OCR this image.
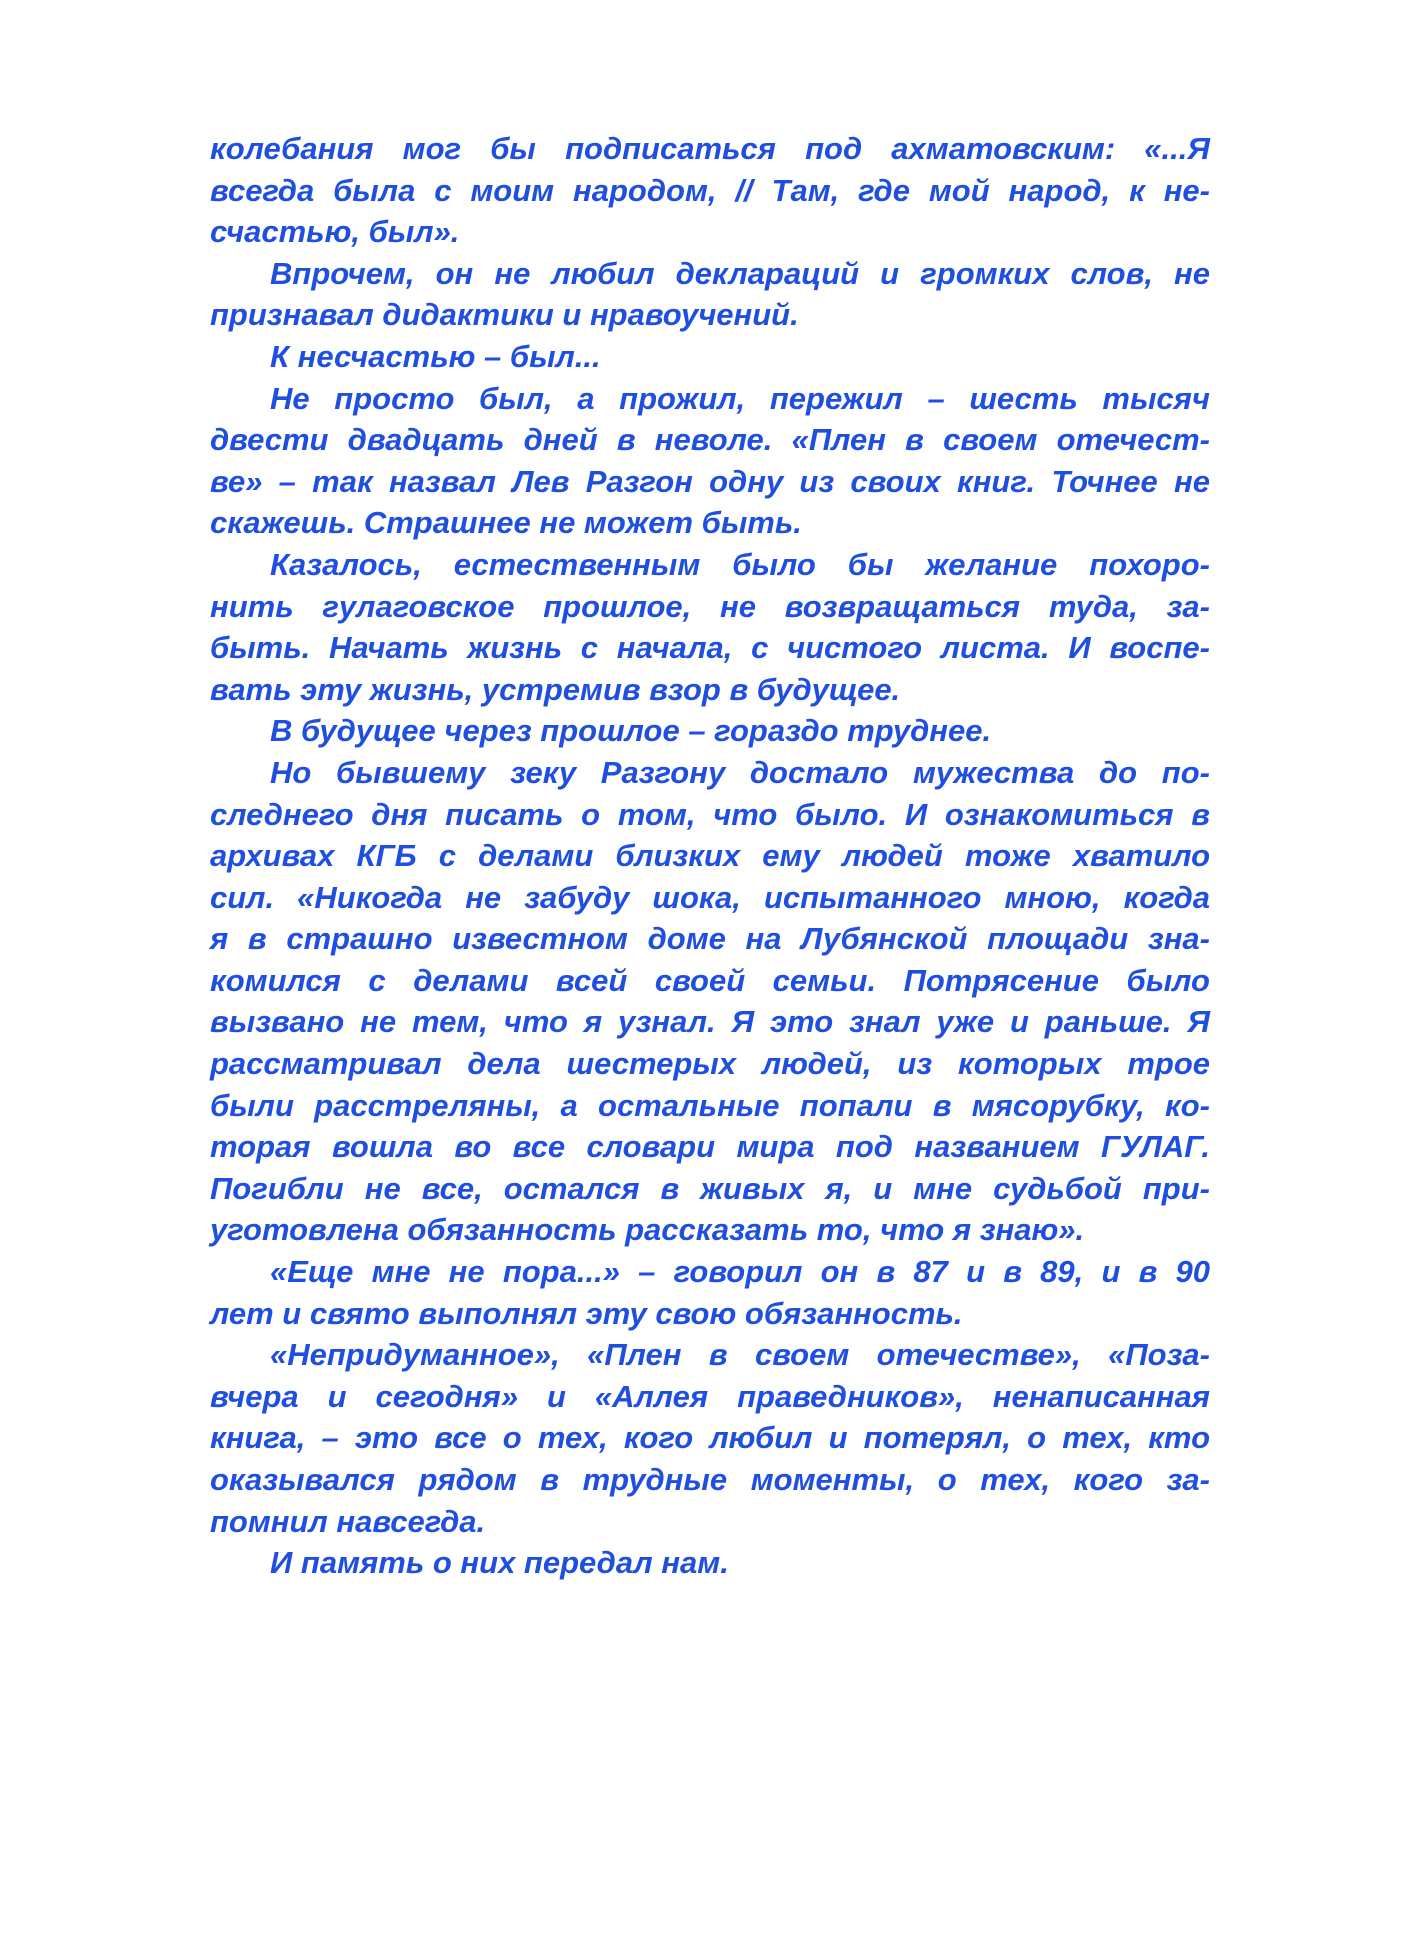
колебания мог бы подписаться под ахматовским: «...Я
всегда была с моим народом, // Там, где мой народ, к не-
счастью, был».
Впрочем, он не любил деклараций и громких слов, не
признавал дидактики и нравоучений.
К несчастью – был...
Не просто был, а прожил, пережил – шесть тысяч
двести двадцать дней в неволе. «Плен в своем отечест-
ве» – так назвал Лев Разгон одну из своих книг. Точнее не
скажешь. Страшнее не может быть.
Казалось, естественным было бы желание похоро-
нить гулаговское прошлое, не возвращаться туда, за-
быть. Начать жизнь с начала, с чистого листа. И воспе-
вать эту жизнь, устремив взор в будущее.
В будущее через прошлое – гораздо труднее.
Но бывшему зеку Разгону достало мужества до по-
следнего дня писать о том, что было. И ознакомиться в
архивах КГБ с делами близких ему людей тоже хватило
сил. «Никогда не забуду шока, испытанного мною, когда
я в страшно известном доме на Лубянской площади зна-
комился с делами всей своей семьи. Потрясение было
вызвано не тем, что я узнал. Я это знал уже и раньше. Я
рассматривал дела шестерых людей, из которых трое
были расстреляны, а остальные попали в мясорубку, ко-
торая вошла во все словари мира под названием ГУЛАГ.
Погибли не все, остался в живых я, и мне судьбой при-
уготовлена обязанность рассказать то, что я знаю».
«Еще мне не пора...» – говорил он в 87 и в 89, и в 90
лет и свято выполнял эту свою обязанность.
«Непридуманное», «Плен в своем отечестве», «Поза-
вчера и сегодня» и «Аллея праведников», ненаписанная
книга, – это все о тех, кого любил и потерял, о тех, кто
оказывался рядом в трудные моменты, о тех, кого за-
помнил навсегда.
И память о них передал нам.
